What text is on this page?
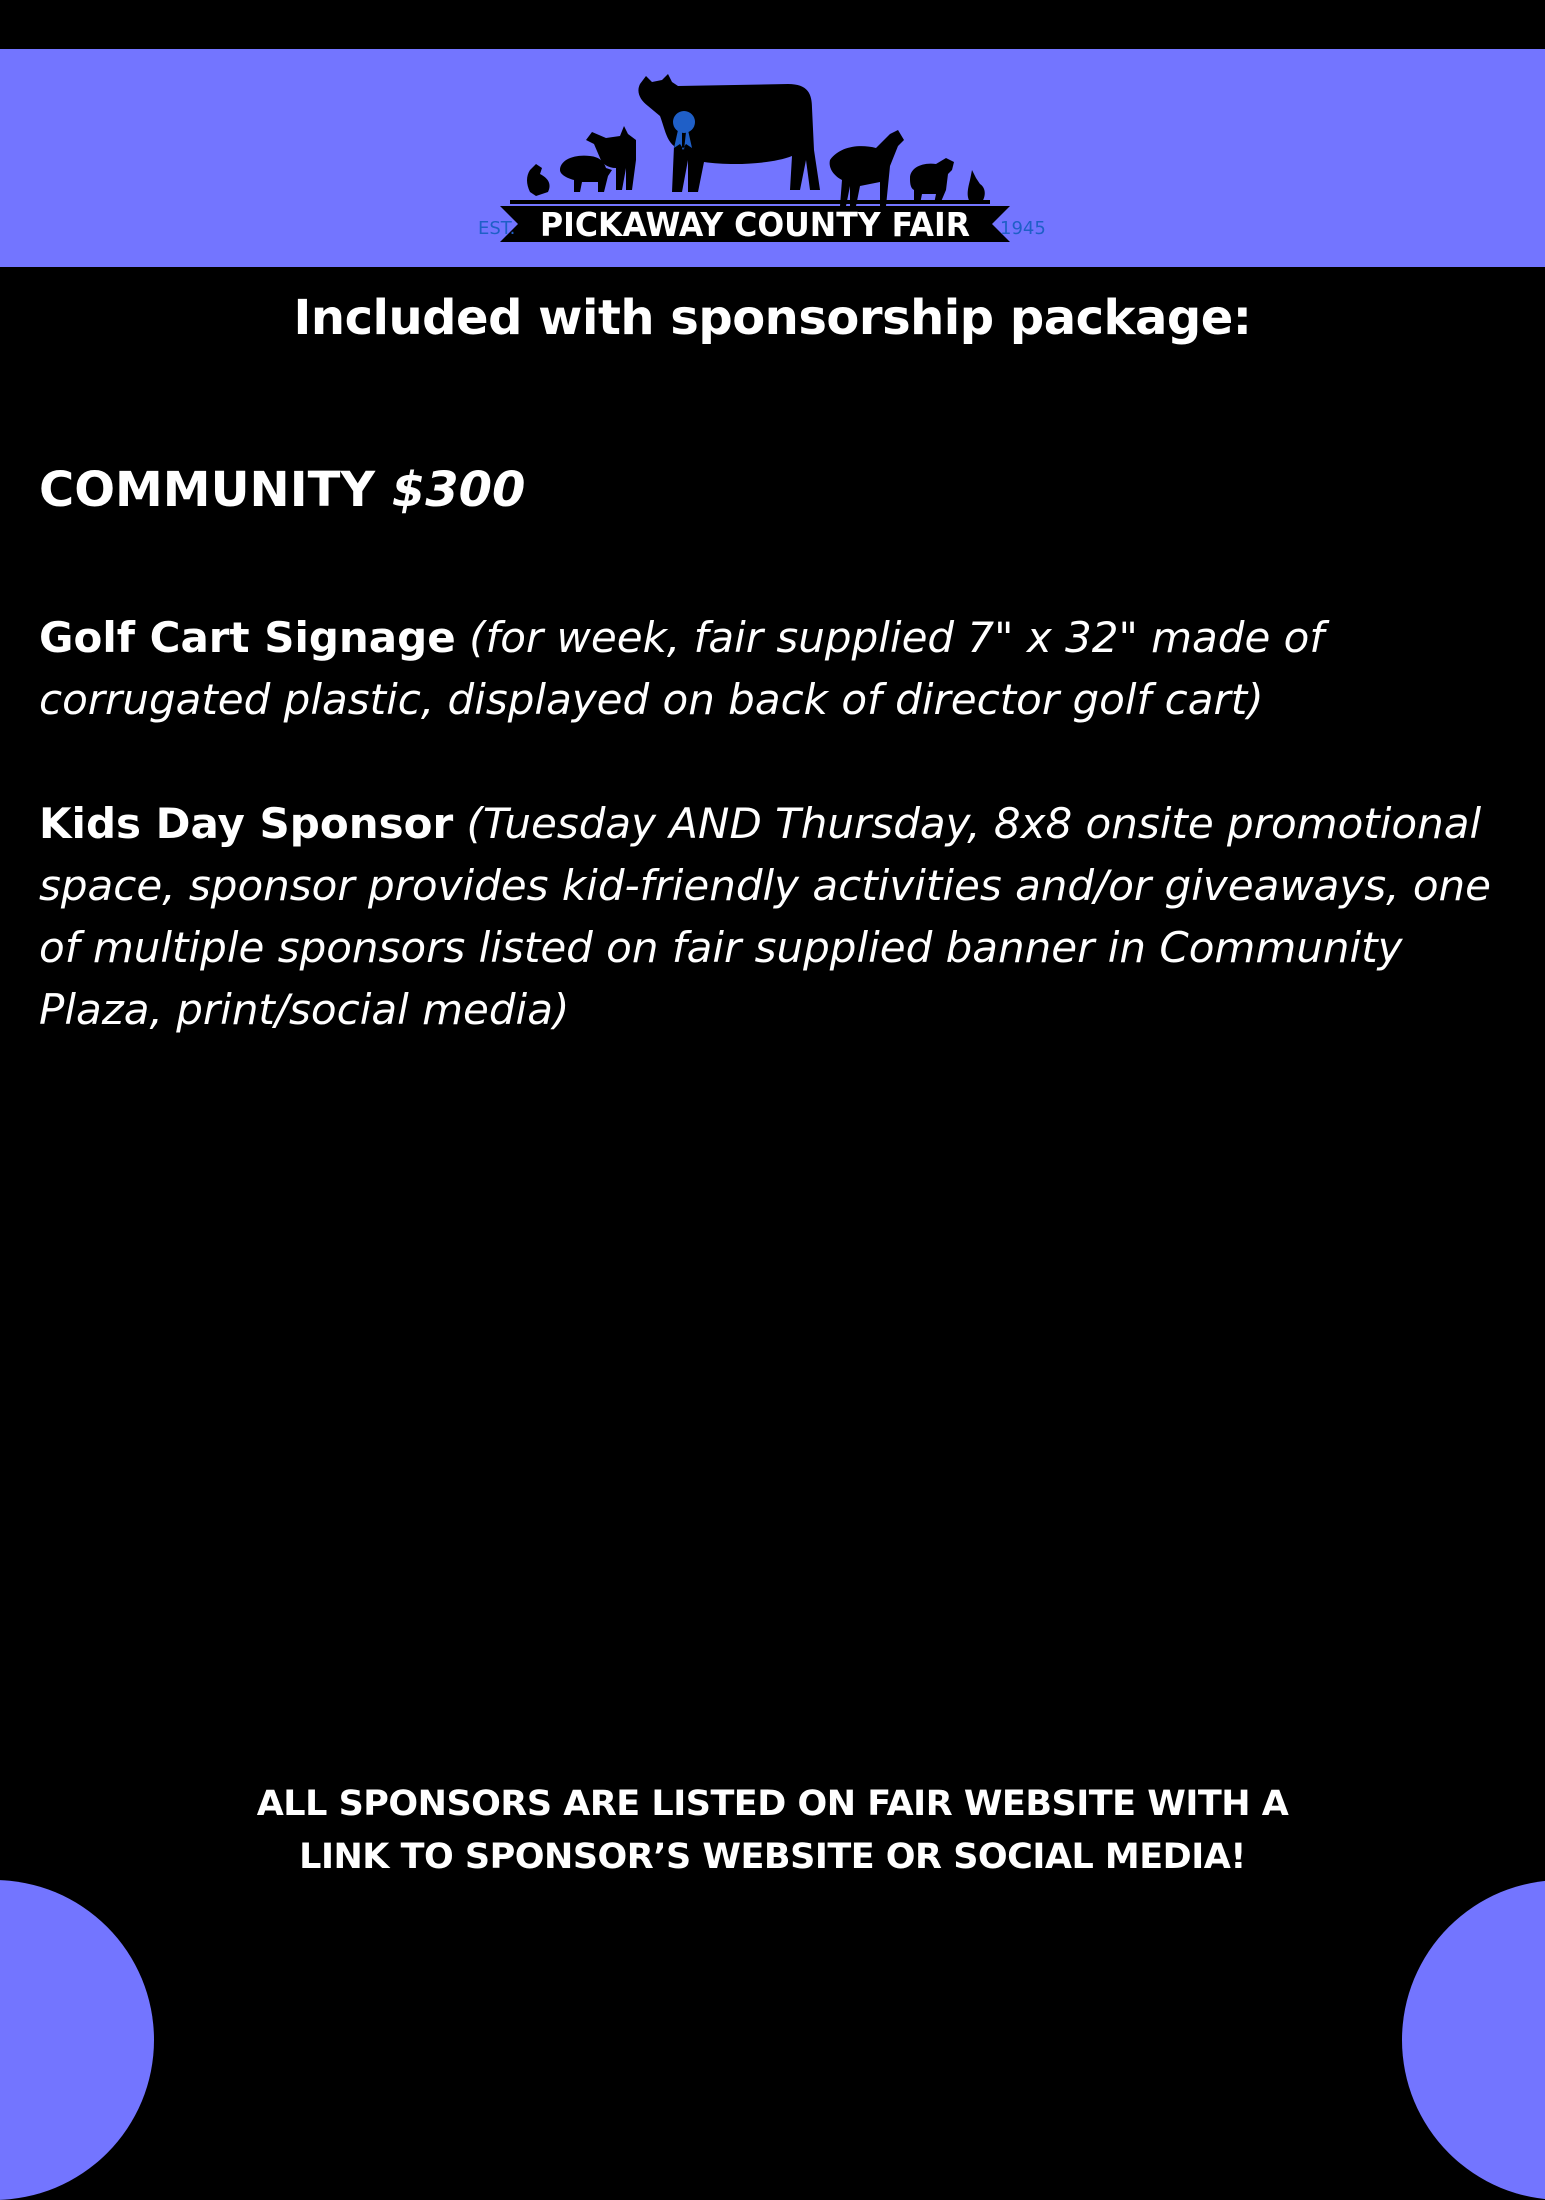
PICKAWAY COUNTY FAIR
EST.	1945
Included with sponsorship package:
COMMUNITY $300
Golf Cart Signage (for week, fair supplied 7" x 32" made of corrugated plastic, displayed on back of director golf cart)
Kids Day Sponsor (Tuesday AND Thursday, 8x8 onsite promotional space, sponsor provides kid-friendly activities and/or giveaways, one of multiple sponsors listed on fair supplied banner in Community Plaza, print/social media)
ALL SPONSORS ARE LISTED ON FAIR WEBSITE WITH A
LINK TO SPONSOR’S WEBSITE OR SOCIAL MEDIA!
